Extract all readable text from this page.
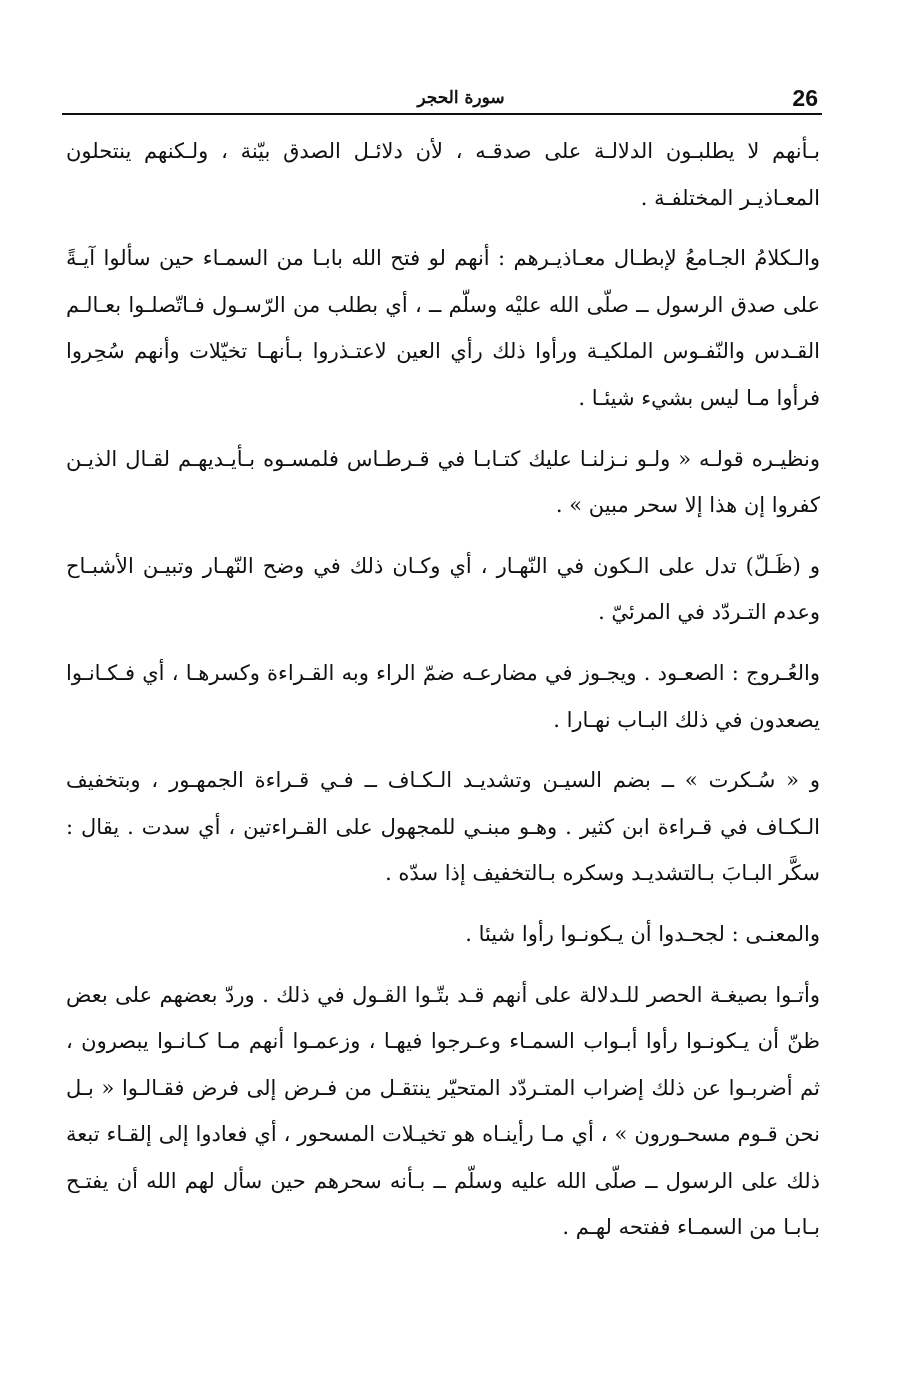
26
سورة الحجر

بـأنهم لا يطلبـون الدلالـة على صدقـه ، لأن دلائـل الصدق بيّنة ، ولـكنهم ينتحلون المعـاذيـر المختلفـة .

والـكلامُ الجـامعُ لإبطـال معـاذيـرهم : أنهم لو فتح الله بابـا من السمـاء حين سألوا آيـةً على صدق الرسول ــ صلّى الله عليْه وسلّم ــ ، أي بطلب من الرّسـول فـاتّصلـوا بعـالـم القـدس والنّفـوس الملكيـة ورأوا ذلك رأي العين لاعتـذروا بـأنهـا تخيّلات وأنهم سُحِروا فرأوا مـا ليس بشيء شيئـا .

ونظيـره قولـه « ولـو نـزلنـا عليك كتـابـا في قـرطـاس فلمسـوه بـأيـديهـم لقـال الذيـن كفروا إن هذا إلا سحر مبين » .

و (ظَـلّ) تدل على الـكون في النّهـار ، أي وكـان ذلك في وضح النّهـار وتبيـن الأشبـاح وعدم التـردّد في المرئيّ .

والعُـروج : الصعـود . ويجـوز في مضارعـه ضمّ الراء وبه القـراءة وكسرهـا ، أي فـكـانـوا يصعدون في ذلك البـاب نهـارا .

و « سُـكرت » ــ بضم السيـن وتشديـد الـكـاف ــ فـي قـراءة الجمهـور ، وبتخفيف الـكـاف في قـراءة ابن كثير . وهـو مبنـي للمجهول على القـراءتين ، أي سدت . يقال : سكَّر البـابَ بـالتشديـد وسكره بـالتخفيف إذا سدّه .

والمعنـى : لجحـدوا أن يـكونـوا رأوا شيئا .

وأتـوا بصيغـة الحصر للـدلالة على أنهم قـد بتّـوا القـول في ذلك . وردّ بعضهم على بعض ظنّ أن يـكونـوا رأوا أبـواب السمـاء وعـرجوا فيهـا ، وزعمـوا أنهم مـا كـانـوا يبصرون ، ثم أضربـوا عن ذلك إضراب المتـردّد المتحيّر ينتقـل من فـرض إلى فرض فقـالـوا « بـل نحن قـوم مسحـورون » ، أي مـا رأينـاه هو تخيـلات المسحور ، أي فعادوا إلى إلقـاء تبعة ذلك على الرسول ــ صلّى الله عليه وسلّم ــ بـأنه سحرهم حين سأل لهم الله أن يفتـح بـابـا من السمـاء ففتحه لهـم .
